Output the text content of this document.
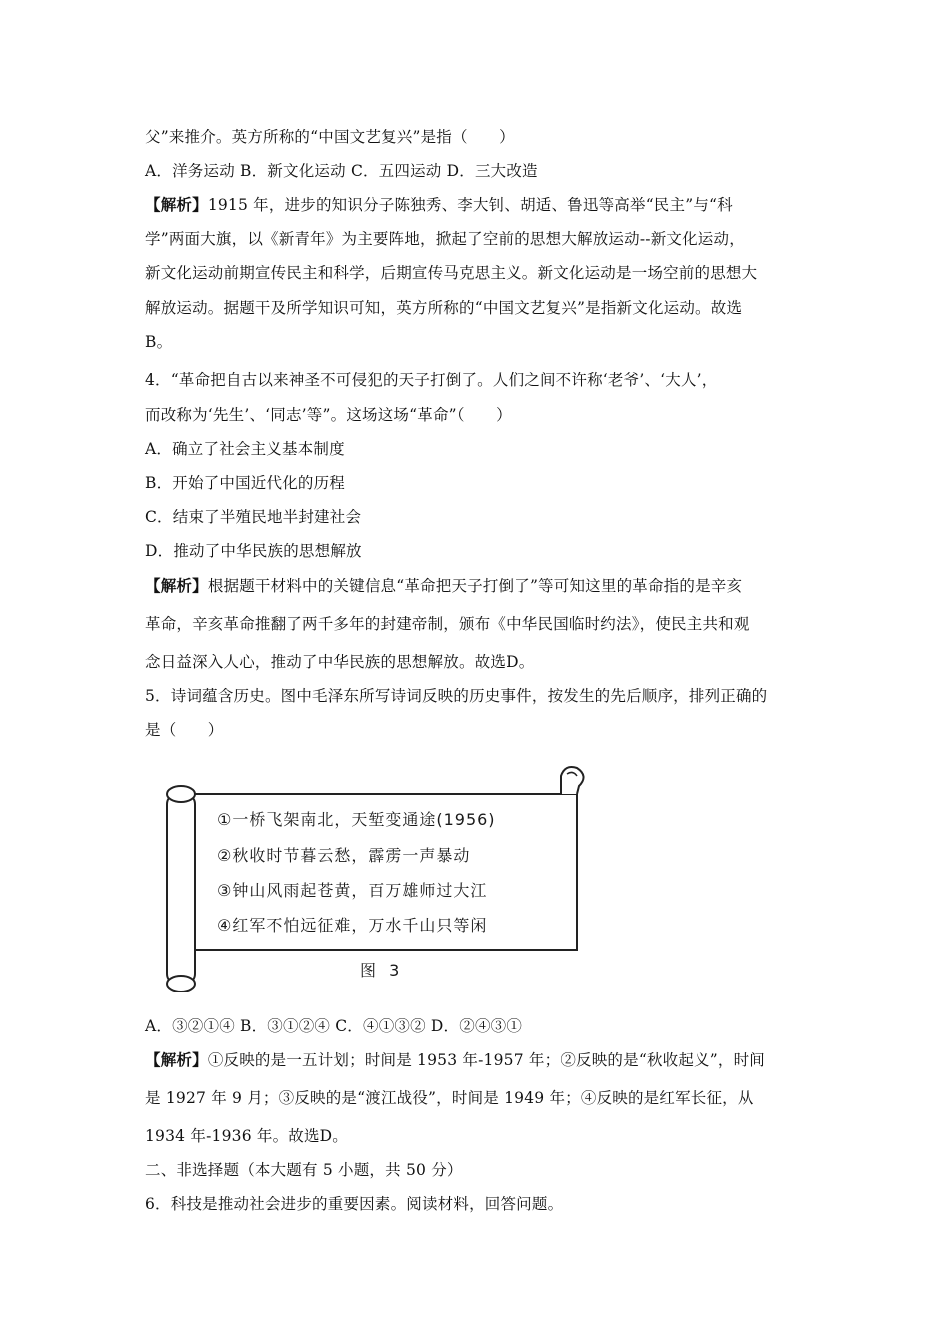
父”来推介。英方所称的“中国文艺复兴”是指（　　）
A．洋务运动 B．新文化运动 C．五四运动 D．三大改造
【解析】1915 年，进步的知识分子陈独秀、李大钊、胡适、鲁迅等高举“民主”与“科
学”两面大旗，以《新青年》为主要阵地，掀起了空前的思想大解放运动--新文化运动，
新文化运动前期宣传民主和科学，后期宣传马克思主义。新文化运动是一场空前的思想大
解放运动。据题干及所学知识可知，英方所称的“中国文艺复兴”是指新文化运动。故选
B。
4．“革命把自古以来神圣不可侵犯的天子打倒了。人们之间不许称‘老爷’、‘大人’，
而改称为‘先生’、‘同志’等”。这场这场“革命”（　　）
A．确立了社会主义基本制度
B．开始了中国近代化的历程
C．结束了半殖民地半封建社会
D．推动了中华民族的思想解放
【解析】根据题干材料中的关键信息“革命把天子打倒了”等可知这里的革命指的是辛亥
革命，辛亥革命推翻了两千多年的封建帝制，颁布《中华民国临时约法》，使民主共和观
念日益深入人心，推动了中华民族的思想解放。故选D。
5．诗词蕴含历史。图中毛泽东所写诗词反映的历史事件，按发生的先后顺序，排列正确的
是（　　）
①一桥飞架南北，天堑变通途(1956)
②秋收时节暮云愁，霹雳一声暴动
③钟山风雨起苍黄，百万雄师过大江
④红军不怕远征难，万水千山只等闲
图 3
A．③②①④ B．③①②④ C．④①③② D．②④③①
【解析】①反映的是一五计划；时间是 1953 年-1957 年；②反映的是“秋收起义”，时间
是 1927 年 9 月；③反映的是“渡江战役”，时间是 1949 年；④反映的是红军长征，从
1934 年-1936 年。故选D。
二、非选择题（本大题有 5 小题，共 50 分）
6．科技是推动社会进步的重要因素。阅读材料，回答问题。
